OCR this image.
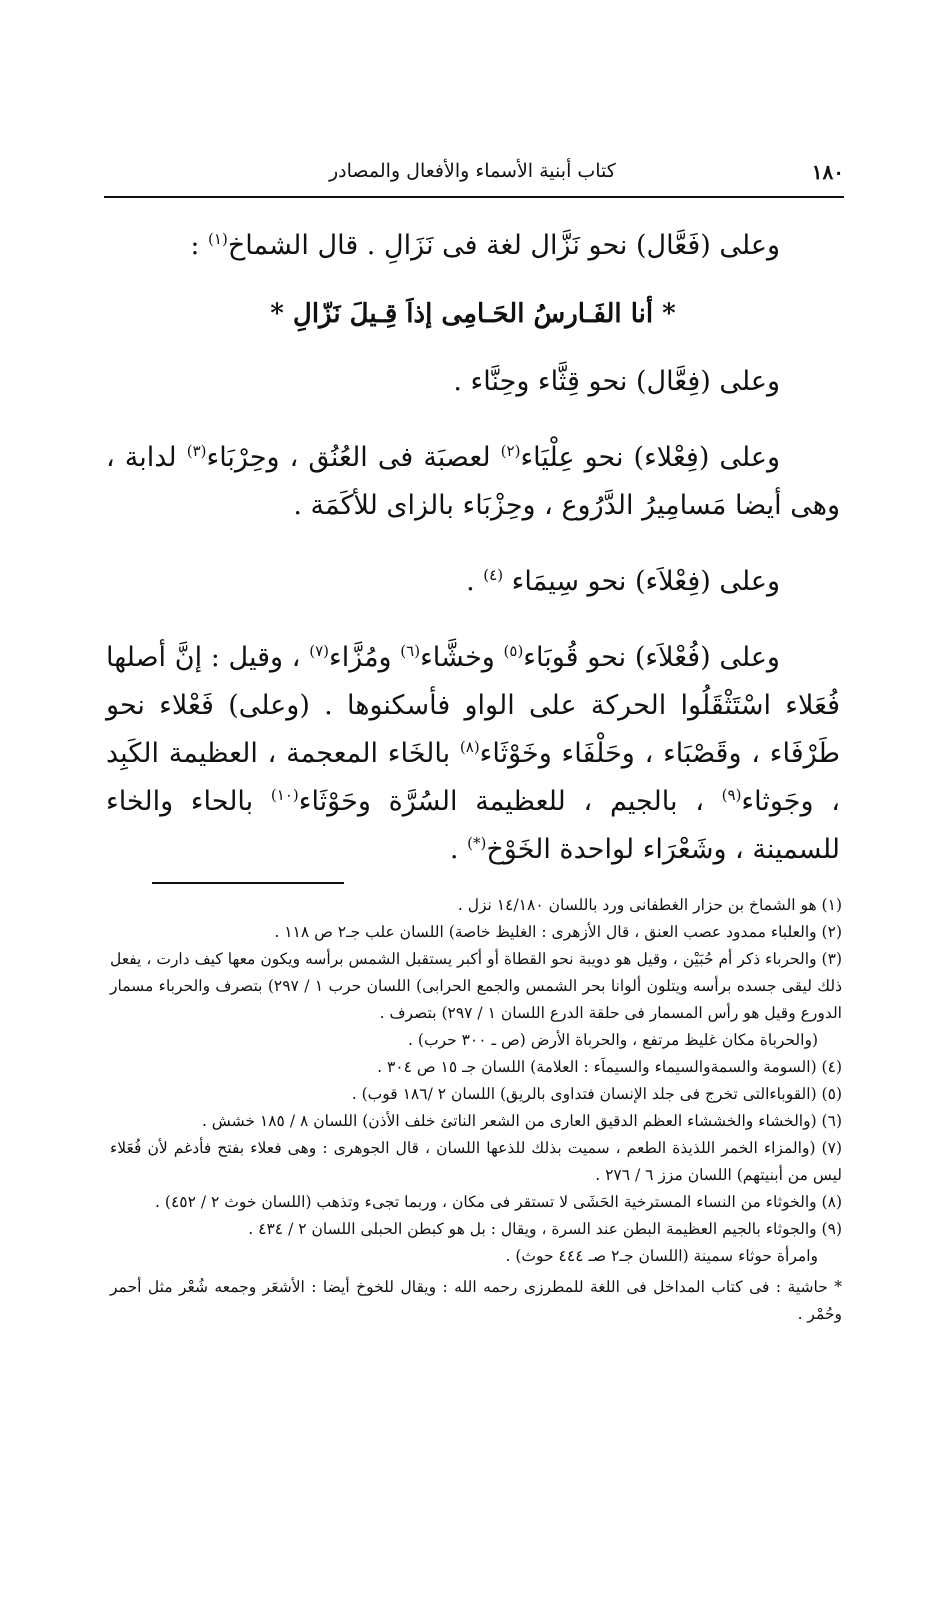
١٨٠
كتاب أبنية الأسماء والأفعال والمصادر

وعلى (فَعَّال) نحو نَزَّال لغة فى نَزَالِ . قال الشماخ$^{(١)}$ :

* أنا الفَـارسُ الحَـامِى إذاَ قِـيلَ نَزّالِ *

وعلى (فِعَّال) نحو قِثَّاء وحِنَّاء .

وعلى (فِعْلاء) نحو عِلْيَاء$^{(٢)}$ لعصبَة فى العُنُق ، وحِرْبَاء$^{(٣)}$ لدابة ، وهى أيضا مَسامِيرُ الدَّرُوع ، وحِزْبَاء بالزاى للأكَمَة .

وعلى (فِعْلاَء) نحو سِيمَاء $^{(٤)}$ .

وعلى (فُعْلاَء) نحو قُوبَاء$^{(٥)}$ وخشَّاء$^{(٦)}$ ومُزَّاء$^{(٧)}$ ، وقيل : إنَّ أصلها فُعَلاء اسْتَثْقَلُوا الحركة على الواو فأسكنوها . (وعلى) فَعْلاء نحو طَرْفَاء ، وقَصْبَاء ، وحَلْفَاء وخَوْثَاء$^{(٨)}$ بالخَاء المعجمة ، العظيمة الكَبِد ، وجَوثاء$^{(٩)}$ ، بالجيم ، للعظيمة السُرَّة وحَوْثَاء$^{(١٠)}$ بالحاء والخاء للسمينة ، وشَعْرَاء لواحدة الخَوْخ(*) .

(١) هو الشماخ بن حزار الغطفانى ورد باللسان ١٤/١٨٠ نزل .

(٢) والعلباء ممدود عصب العنق ، قال الأزهرى : الغليظ خاصة) اللسان علب جـ٢ ص ١١٨ .

(٣) والحرباء ذكر أم حُبَيْن ، وقيل هو دويبة نحو القطاة أو أكبر يستقبل الشمس برأسه ويكون معها كيف دارت ، يفعل ذلك ليقى جسده برأسه ويتلون ألوانا بحر الشمس والجمع الحرابى) اللسان حرب ١ / ٢٩٧) بتصرف والحرباء مسمار الدورع وقيل هو رأس المسمار فى حلقة الدرع اللسان ١ / ٢٩٧) بتصرف .

(والحرباة مكان غليظ مرتفع ، والحرباة الأرض (ص ـ ٣٠٠ حرب) .

(٤) (السومة والسمةوالسيماء والسيماَء : العلامة) اللسان جـ ١٥ ص ٣٠٤ .

(٥) (القوباءالتى تخرج فى جلد الإنسان فتداوى بالريق) اللسان ٢ /١٨٦ قوب) .

(٦) (والخشاء والخششاء العظم الدقيق العارى من الشعر الناتئ خلف الأذن) اللسان ٨ / ١٨٥ خشش .

(٧) (والمزاء الخمر اللذيذة الطعم ، سميت بذلك للذعها اللسان ، قال الجوهرى : وهى فعلاء بفتح فأدغم لأن فُعَلاء ليس من أبنيتهم) اللسان مزز ٦ / ٢٧٦ .

(٨) والخوثاء من النساء المسترخية الحَشَى لا تستقر فى مكان ، وربما تجىء وتذهب (اللسان خوث ٢ / ٤٥٢) .

(٩) والجوثاء بالجيم العظيمة البطن عند السرة ، ويقال : بل هو كبطن الحبلى اللسان ٢ / ٤٣٤ .

وامرأة حوثاء سمينة (اللسان جـ٢ صـ ٤٤٤ حوث) .

* حاشية : فى كتاب المداخل فى اللغة للمطرزى رحمه الله : ويقال للخوخ أيضا : الأشعَر وجمعه شُعْر مثل أحمر وحُمْر .
